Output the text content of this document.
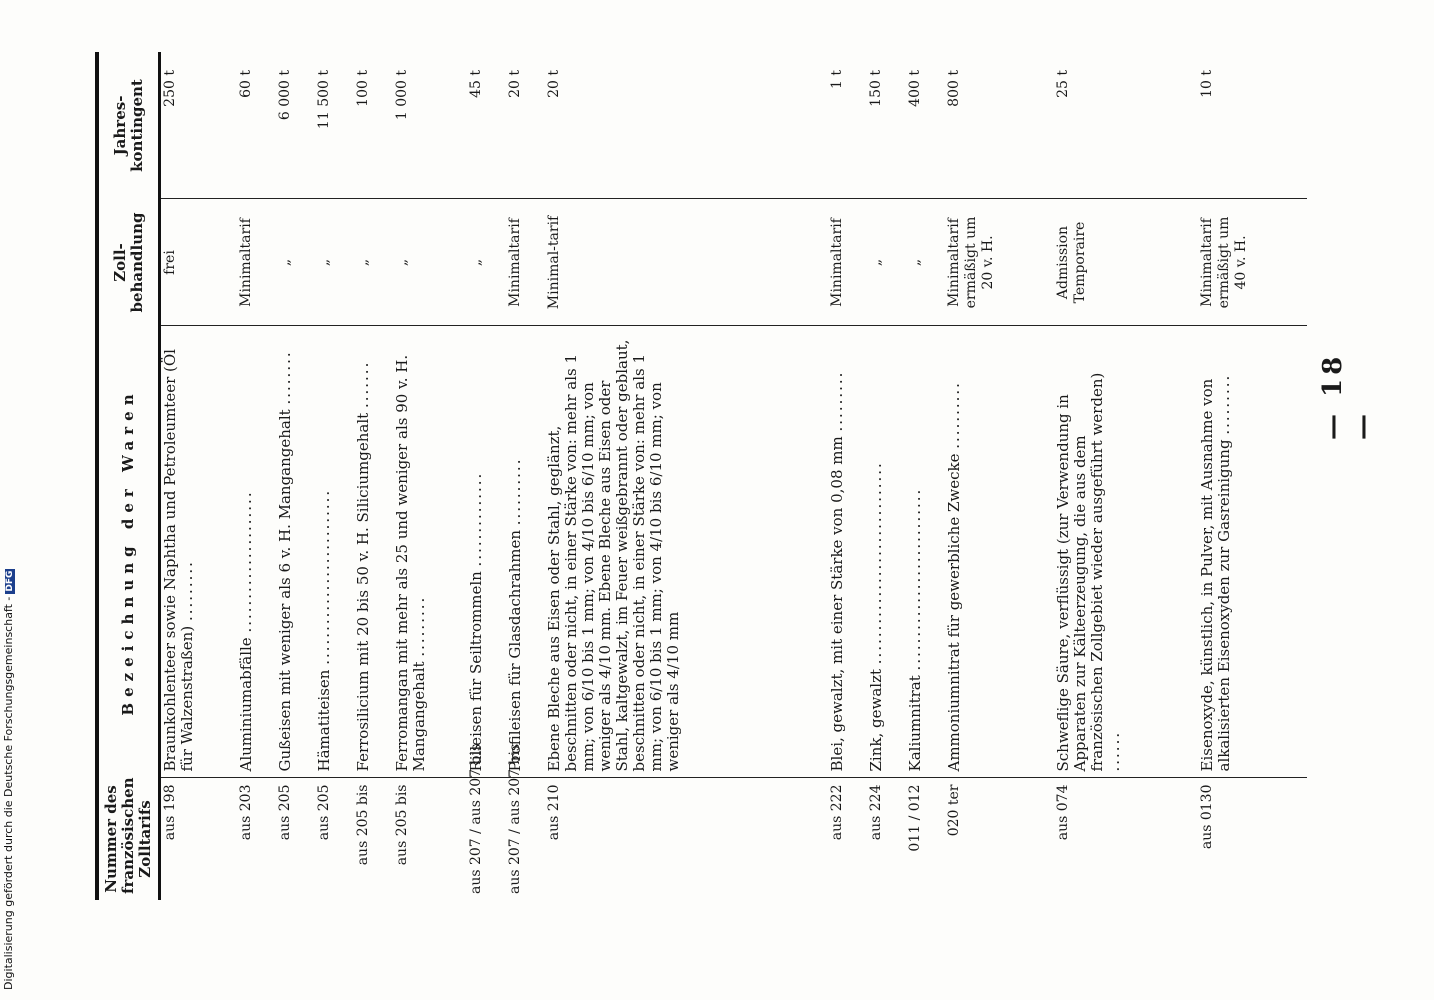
Nummer des französischen Zolltarifs	Bezeichnung der Waren	Zoll-behandlung	Jahres-kontingent
aus 198	Braunkohlenteer sowie Naphtha und Petroleumteer (Öl für Walzenstraßen) .........	frei	250 t
aus 203	Aluminiumabfälle .....................	Minimaltarif	60 t
aus 205	Gußeisen mit weniger als 6 v. H. Mangangehalt ........	„	6 000 t
aus 205	Hämatiteisen ..........................	„	11 500 t
aus 205 bis	Ferrosilicium mit 20 bis 50 v. H. Siliciumgehalt .......	„	100 t
aus 205 bis	Ferromangan mit mehr als 25 und weniger als 90 v. H. Mangangehalt .........	„	1 000 t
aus 207 / aus 207 bis	Rilleisen für Seiltrommeln ..............	„	45 t
aus 207 / aus 207 bis	Profileisen für Glasdachrahmen ..........	Minimaltarif	20 t
aus 210	Ebene Bleche aus Eisen oder Stahl, geglänzt, beschnitten oder nicht, in einer Stärke von: mehr als 1 mm; von 6/10 bis 1 mm; von 4/10 bis 6/10 mm; von weniger als 4/10 mm. Ebene Bleche aus Eisen oder Stahl, kaltgewalzt, im Feuer weißgebrannt oder geblaut, beschnitten oder nicht, in einer Stärke von: mehr als 1 mm; von 6/10 bis 1 mm; von 4/10 bis 6/10 mm; von weniger als 4/10 mm	Minimal-tarif	20 t
aus 222	Blei, gewalzt, mit einer Stärke von 0,08 mm .........	Minimaltarif	1 t
aus 224	Zink, gewalzt ..............................	„	150 t
011 / 012	Kaliumnitrat ...........................	„	400 t
020 ter	Ammoniumnitrat für gewerbliche Zwecke ..........	Minimaltarif ermäßigt um 20 v. H.	800 t
aus 074	Schweflige Säure, verflüssigt (zur Verwendung in Apparaten zur Kälteerzeugung, die aus dem französischen Zollgebiet wieder ausgeführt werden) ......	Admission Temporaire	25 t
aus 0130	Eisenoxyde, künstlich, in Pulver, mit Ausnahme von alkalisierten Eisenoxyden zur Gasreinigung .........	Minimaltarif ermäßigt um 40 v. H.	10 t
— 18 —
Digitalisierung gefördert durch die Deutsche Forschungsgemeinschaft -DFG
